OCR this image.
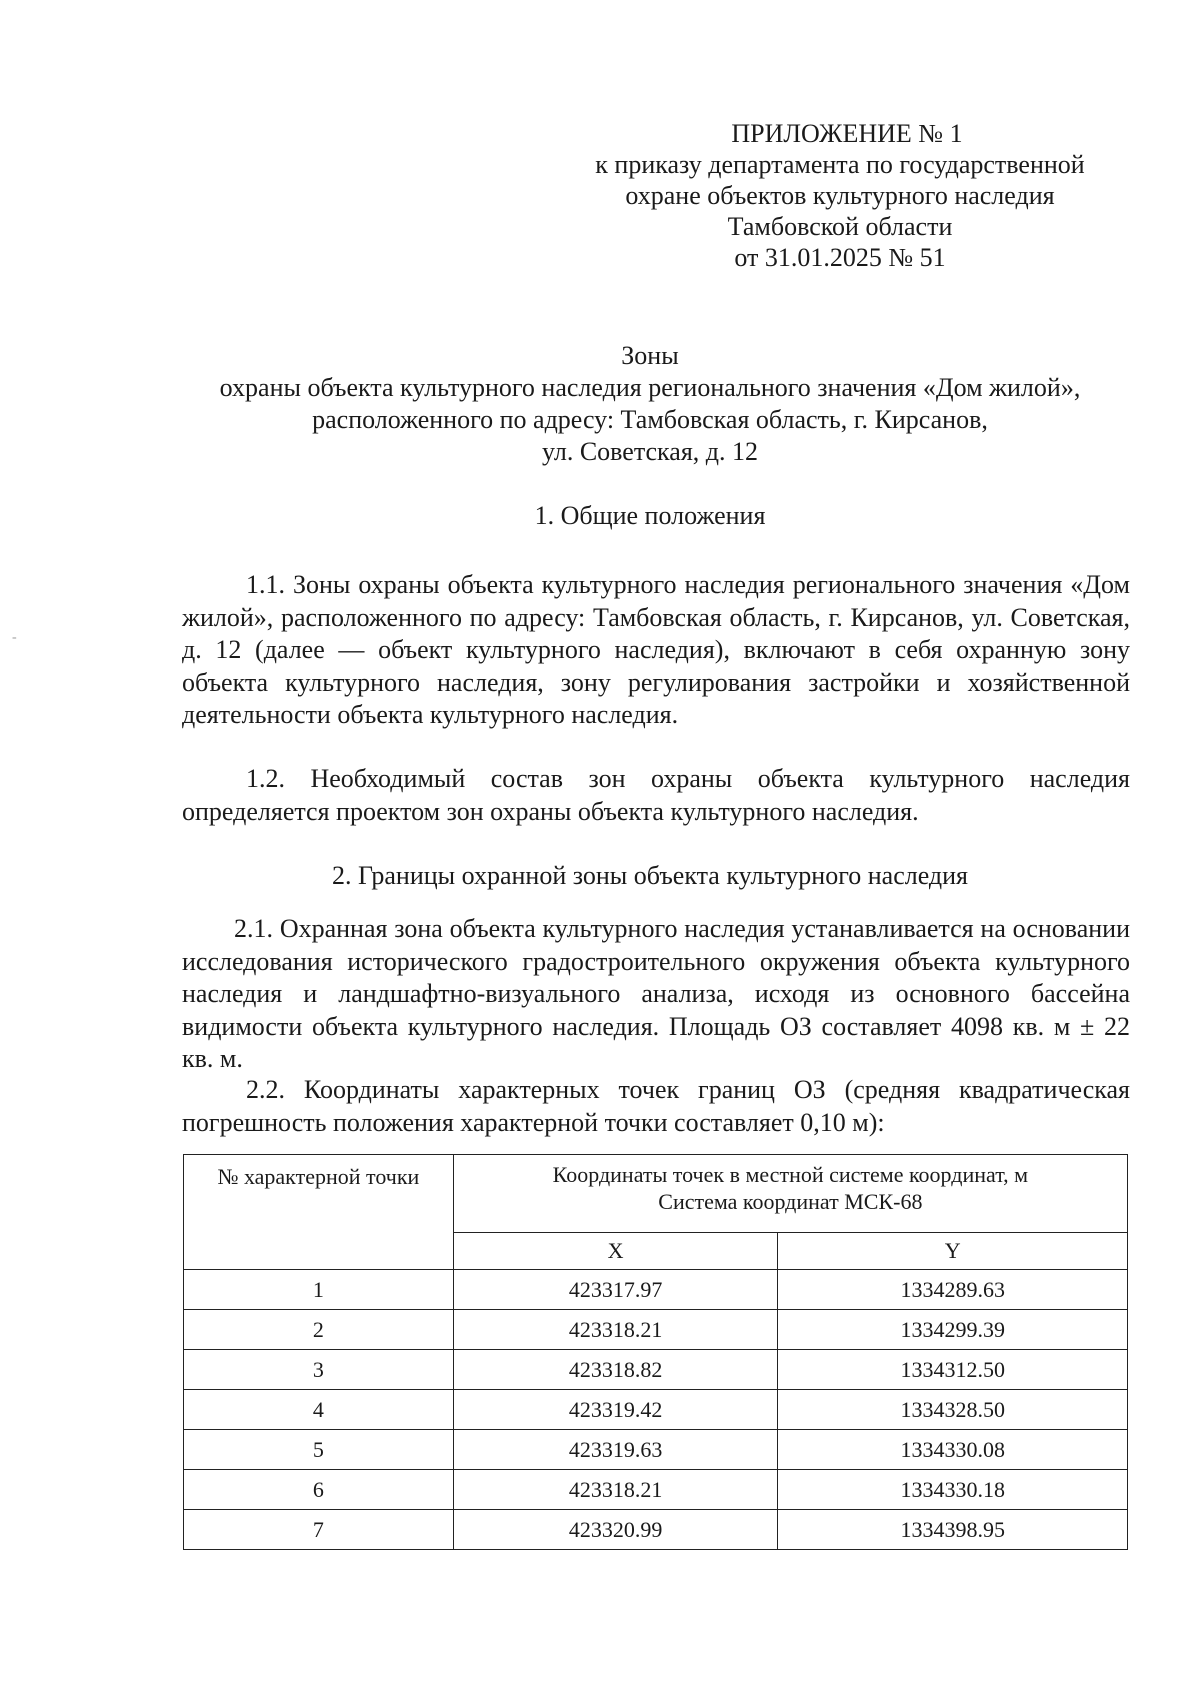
ПРИЛОЖЕНИЕ № 1
к приказу департамента по государственной
охране объектов культурного наследия
Тамбовской области
от 31.01.2025 № 51
Зоны
охраны объекта культурного наследия регионального значения «Дом жилой»,
расположенного по адресу: Тамбовская область, г. Кирсанов,
ул. Советская, д. 12
1. Общие положения
1.1. Зоны охраны объекта культурного наследия регионального значения «Дом жилой», расположенного по адресу: Тамбовская область, г. Кирсанов, ул. Советская, д. 12 (далее — объект культурного наследия), включают в себя охранную зону объекта культурного наследия, зону регулирования застройки и хозяйственной деятельности объекта культурного наследия.
1.2. Необходимый состав зон охраны объекта культурного наследия определяется проектом зон охраны объекта культурного наследия.
2. Границы охранной зоны объекта культурного наследия
2.1. Охранная зона объекта культурного наследия устанавливается на основании исследования исторического градостроительного окружения объекта культурного наследия и ландшафтно-визуального анализа, исходя из основного бассейна видимости объекта культурного наследия. Площадь ОЗ составляет 4098 кв. м ± 22 кв. м.
2.2. Координаты характерных точек границ ОЗ (средняя квадратическая погрешность положения характерной точки составляет 0,10 м):
№ характерной точки	Координаты точек в местной системе координат, м
Система координат МСК-68	
	X	Y
1	423317.97	1334289.63
2	423318.21	1334299.39
3	423318.82	1334312.50
4	423319.42	1334328.50
5	423319.63	1334330.08
6	423318.21	1334330.18
7	423320.99	1334398.95
-
